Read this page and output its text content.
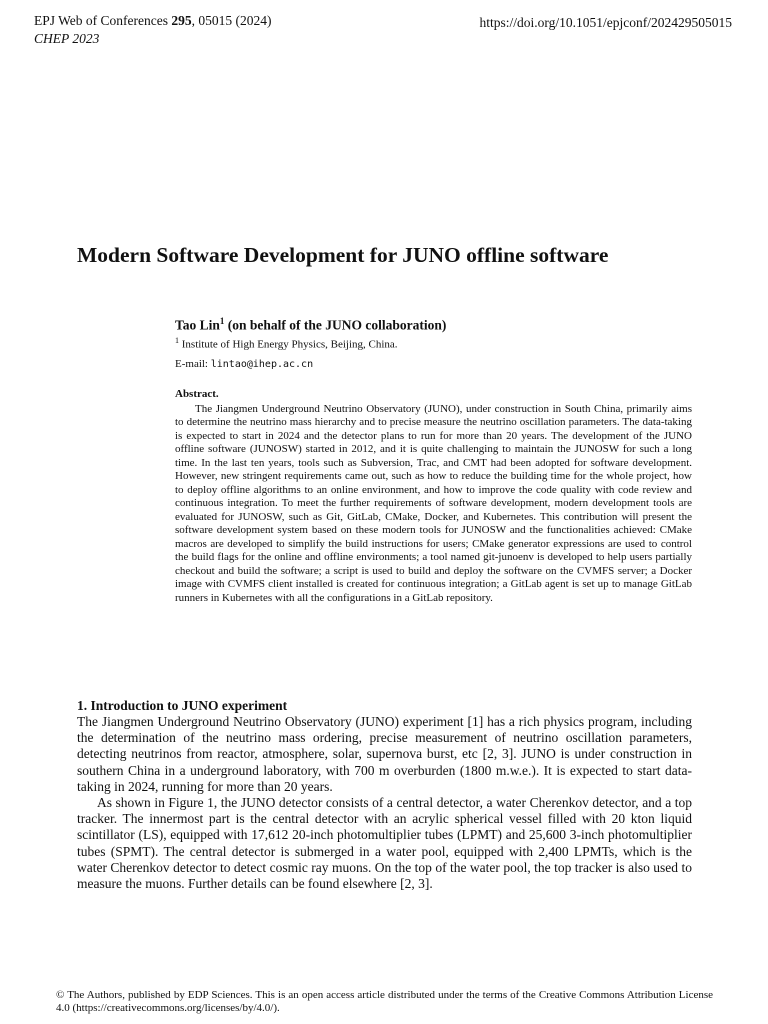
EPJ Web of Conferences 295, 05015 (2024)
CHEP 2023
https://doi.org/10.1051/epjconf/202429505015
Modern Software Development for JUNO offline software
Tao Lin$^1$ (on behalf of the JUNO collaboration)
$^1$ Institute of High Energy Physics, Beijing, China.
E-mail: lintao@ihep.ac.cn
Abstract.
The Jiangmen Underground Neutrino Observatory (JUNO), under construction in South China, primarily aims to determine the neutrino mass hierarchy and to precise measure the neutrino oscillation parameters. The data-taking is expected to start in 2024 and the detector plans to run for more than 20 years. The development of the JUNO offline software (JUNOSW) started in 2012, and it is quite challenging to maintain the JUNOSW for such a long time. In the last ten years, tools such as Subversion, Trac, and CMT had been adopted for software development. However, new stringent requirements came out, such as how to reduce the building time for the whole project, how to deploy offline algorithms to an online environment, and how to improve the code quality with code review and continuous integration. To meet the further requirements of software development, modern development tools are evaluated for JUNOSW, such as Git, GitLab, CMake, Docker, and Kubernetes. This contribution will present the software development system based on these modern tools for JUNOSW and the functionalities achieved: CMake macros are developed to simplify the build instructions for users; CMake generator expressions are used to control the build flags for the online and offline environments; a tool named git-junoenv is developed to help users partially checkout and build the software; a script is used to build and deploy the software on the CVMFS server; a Docker image with CVMFS client installed is created for continuous integration; a GitLab agent is set up to manage GitLab runners in Kubernetes with all the configurations in a GitLab repository.
1. Introduction to JUNO experiment

The Jiangmen Underground Neutrino Observatory (JUNO) experiment [1] has a rich physics program, including the determination of the neutrino mass ordering, precise measurement of neutrino oscillation parameters, detecting neutrinos from reactor, atmosphere, solar, supernova burst, etc [2, 3]. JUNO is under construction in southern China in a underground laboratory, with 700 m overburden (1800 m.w.e.). It is expected to start data-taking in 2024, running for more than 20 years.

As shown in Figure 1, the JUNO detector consists of a central detector, a water Cherenkov detector, and a top tracker. The innermost part is the central detector with an acrylic spherical vessel filled with 20 kton liquid scintillator (LS), equipped with 17,612 20-inch photomultiplier tubes (LPMT) and 25,600 3-inch photomultiplier tubes (SPMT). The central detector is submerged in a water pool, equipped with 2,400 LPMTs, which is the water Cherenkov detector to detect cosmic ray muons. On the top of the water pool, the top tracker is also used to measure the muons. Further details can be found elsewhere [2, 3].

© The Authors, published by EDP Sciences. This is an open access article distributed under the terms of the Creative Commons Attribution License 4.0 (https://creativecommons.org/licenses/by/4.0/).
